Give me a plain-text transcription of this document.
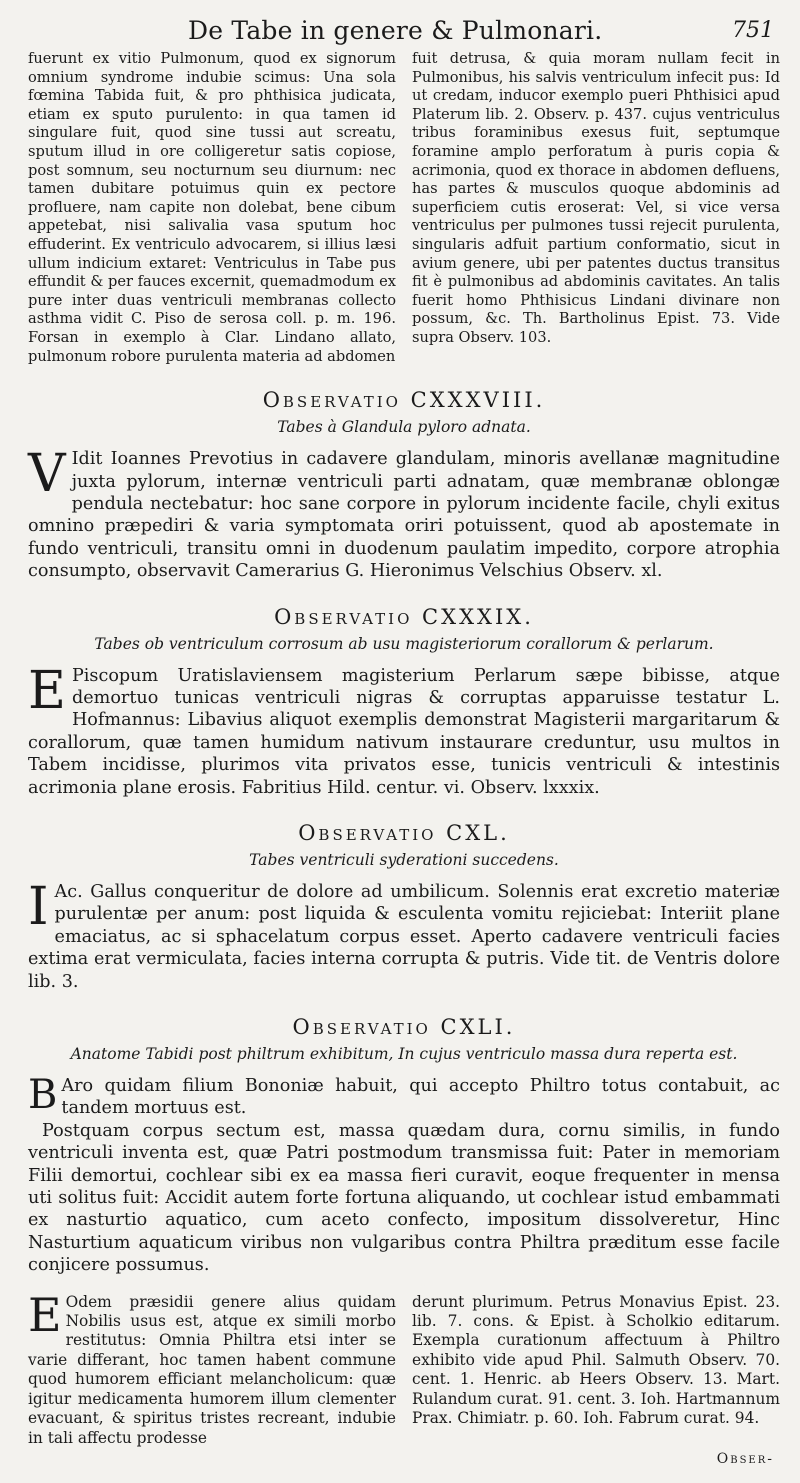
De Tabe in genere & Pulmonari.	751

fuerunt ex vitio Pulmonum, quod ex signorum omnium syndrome indubie scimus: Una sola fœmina Tabida fuit, & pro phthisica judicata, etiam ex sputo purulento: in qua tamen id singulare fuit, quod sine tussi aut screatu, sputum illud in ore colligeretur satis copiose, post somnum, seu nocturnum seu diurnum: nec tamen dubitare potuimus quin ex pectore profluere, nam capite non dolebat, bene cibum appetebat, nisi salivalia vasa sputum hoc effuderint. Ex ventriculo advocarem, si illius læsi ullum indicium extaret: Ventriculus in Tabe pus effundit & per fauces excernit, quemadmodum ex pure inter duas ventriculi membranas collecto asthma vidit C. Piso de serosa coll. p. m. 196. Forsan in exemplo à Clar. Lindano allato, pulmonum robore purulenta materia ad abdomen

fuit detrusa, & quia moram nullam fecit in Pulmonibus, his salvis ventriculum infecit pus: Id ut credam, inducor exemplo pueri Phthisici apud Platerum lib. 2. Observ. p. 437. cujus ventriculus tribus foraminibus exesus fuit, septumque foramine amplo perforatum à puris copia & acrimonia, quod ex thorace in abdomen defluens, has partes & musculos quoque abdominis ad superficiem cutis eroserat: Vel, si vice versa ventriculus per pulmones tussi rejecit purulenta, singularis adfuit partium conformatio, sicut in avium genere, ubi per patentes ductus transitus fit è pulmonibus ad abdominis cavitates. An talis fuerit homo Phthisicus Lindani divinare non possum, &c. Th. Bartholinus Epist. 73. Vide supra Observ. 103.

Observatio CXXXVIII.
Tabes à Glandula pyloro adnata.

V Idit Ioannes Prevotius in cadavere glandulam, minoris avellanæ magnitudine juxta pylorum, internæ ventriculi parti adnatam, quæ membranæ oblongæ pendula nectebatur: hoc sane corpore in pylorum incidente facile, chyli exitus omnino præpediri & varia symptomata oriri potuissent, quod ab apostemate in fundo ventriculi, transitu omni in duodenum paulatim impedito, corpore atrophia consumpto, observavit Camerarius G. Hieronimus Velschius Observ. xl.

Observatio CXXXIX.
Tabes ob ventriculum corrosum ab usu magisteriorum corallorum & perlarum.

E Piscopum Uratislaviensem magisterium Perlarum sæpe bibisse, atque demortuo tunicas ventriculi nigras & corruptas apparuisse testatur L. Hofmannus: Libavius aliquot exemplis demonstrat Magisterii margaritarum & corallorum, quæ tamen humidum nativum instaurare creduntur, usu multos in Tabem incidisse, plurimos vita privatos esse, tunicis ventriculi & intestinis acrimonia plane erosis. Fabritius Hild. centur. vi. Observ. lxxxix.

Observatio CXL.
Tabes ventriculi syderationi succedens.

I Ac. Gallus conqueritur de dolore ad umbilicum. Solennis erat excretio materiæ purulentæ per anum: post liquida & esculenta vomitu rejiciebat: Interiit plane emaciatus, ac si sphacelatum corpus esset. Aperto cadavere ventriculi facies extima erat vermiculata, facies interna corrupta & putris. Vide tit. de Ventris dolore lib. 3.

Observatio CXLI.
Anatome Tabidi post philtrum exhibitum, In cujus ventriculo massa dura reperta est.

B Aro quidam filium Bononiæ habuit, qui accepto Philtro totus contabuit, ac tandem mortuus est.

Postquam corpus sectum est, massa quædam dura, cornu similis, in fundo ventriculi inventa est, quæ Patri postmodum transmissa fuit: Pater in memoriam Filii demortui, cochlear sibi ex ea massa fieri curavit, eoque frequenter in mensa uti solitus fuit: Accidit autem forte fortuna aliquando, ut cochlear istud embammati ex nasturtio aquatico, cum aceto confecto, impositum dissolveretur, Hinc Nasturtium aquaticum viribus non vulgaribus contra Philtra præditum esse facile conjicere possumus.

E Odem præsidii genere alius quidam Nobilis usus est, atque ex simili morbo restitutus: Omnia Philtra etsi inter se varie differant, hoc tamen habent commune quod humorem efficiant melancholicum: quæ igitur medicamenta humorem illum clementer evacuant, & spiritus tristes recreant, indubie in tali affectu prodesse

derunt plurimum. Petrus Monavius Epist. 23. lib. 7. cons. & Epist. à Scholkio editarum. Exempla curationum affectuum à Philtro exhibito vide apud Phil. Salmuth Observ. 70. cent. 1. Henric. ab Heers Observ. 13. Mart. Rulandum curat. 91. cent. 3. Ioh. Hartmannum Prax. Chimiatr. p. 60. Ioh. Fabrum curat. 94.

Obser-
